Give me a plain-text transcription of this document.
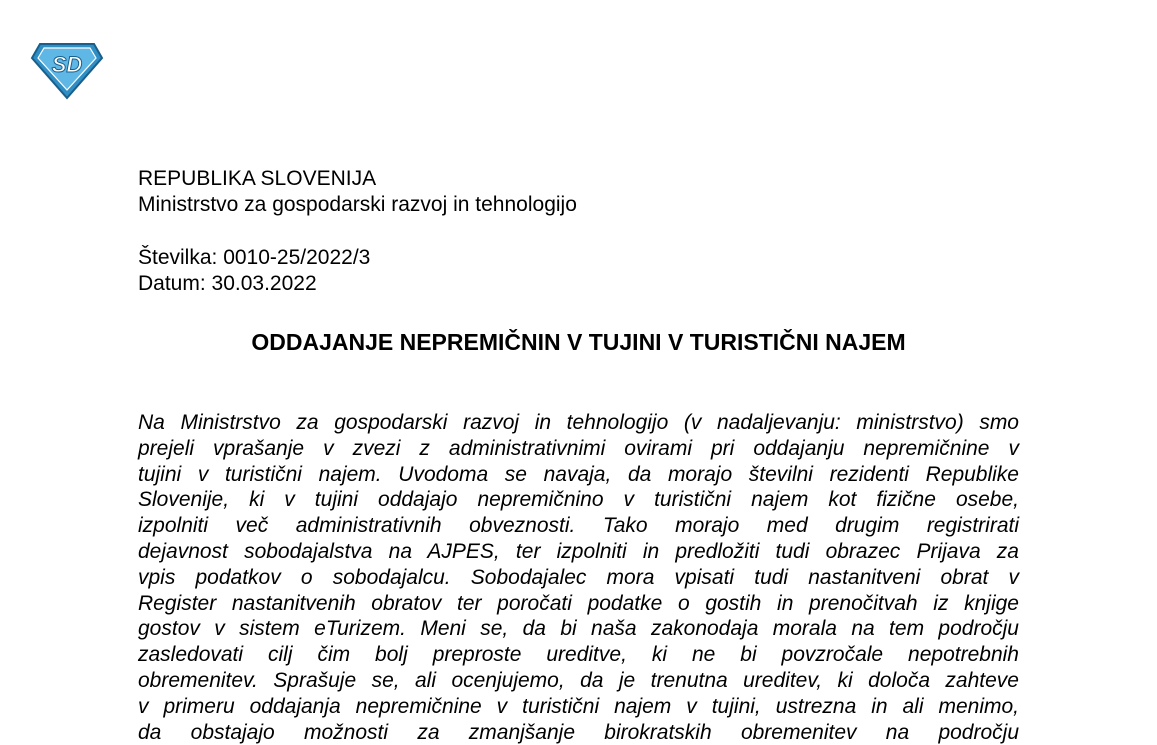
SD
REPUBLIKA SLOVENIJA
Ministrstvo za gospodarski razvoj in tehnologijo
Številka: 0010-25/2022/3
Datum: 30.03.2022
ODDAJANJE NEPREMIČNIN V TUJINI V TURISTIČNI NAJEM
Na Ministrstvo za gospodarski razvoj in tehnologijo (v nadaljevanju: ministrstvo) smo
prejeli vprašanje v zvezi z administrativnimi ovirami pri oddajanju nepremičnine v
tujini v turistični najem. Uvodoma se navaja, da morajo številni rezidenti Republike
Slovenije, ki v tujini oddajajo nepremičnino v turistični najem kot fizične osebe,
izpolniti več administrativnih obveznosti. Tako morajo med drugim registrirati
dejavnost sobodajalstva na AJPES, ter izpolniti in predložiti tudi obrazec Prijava za
vpis podatkov o sobodajalcu. Sobodajalec mora vpisati tudi nastanitveni obrat v
Register nastanitvenih obratov ter poročati podatke o gostih in prenočitvah iz knjige
gostov v sistem eTurizem. Meni se, da bi naša zakonodaja morala na tem področju
zasledovati cilj čim bolj preproste ureditve, ki ne bi povzročale nepotrebnih
obremenitev. Sprašuje se, ali ocenjujemo, da je trenutna ureditev, ki določa zahteve
v primeru oddajanja nepremičnine v turistični najem v tujini, ustrezna in ali menimo,
da obstajajo možnosti za zmanjšanje birokratskih obremenitev na področju
